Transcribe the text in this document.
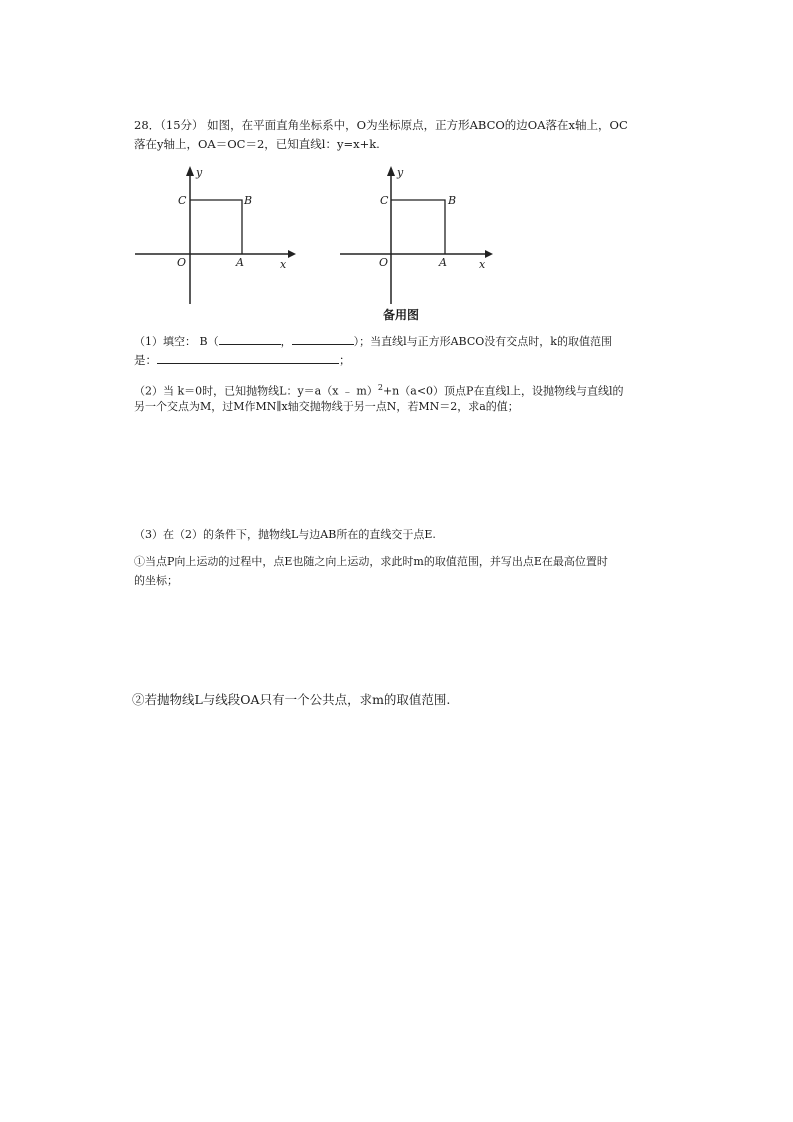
28．（15分） 如图，在平面直角坐标系中，O为坐标原点，正方形ABCO的边OA落在x轴上，OC
落在y轴上，OA＝OC＝2，已知直线l：y=x+k.
y
C	B
O	A	x
y
C	B
O	A	x
备用图
（1）填空： B（	，	）；当直线l与正方形ABCO没有交点时，k的取值范围
是：	；
（2）当 k＝0时，已知抛物线L：y＝a（x ﹣ m）$^2$+n（a<0）顶点P在直线l上，设抛物线与直线l的
另一个交点为M，过M作MN∥x轴交抛物线于另一点N，若MN＝2，求a的值；
（3）在（2）的条件下，抛物线L与边AB所在的直线交于点E.
①当点P向上运动的过程中，点E也随之向上运动，求此时m的取值范围，并写出点E在最高位置时
的坐标；
②若抛物线L与线段OA只有一个公共点，求m的取值范围.
